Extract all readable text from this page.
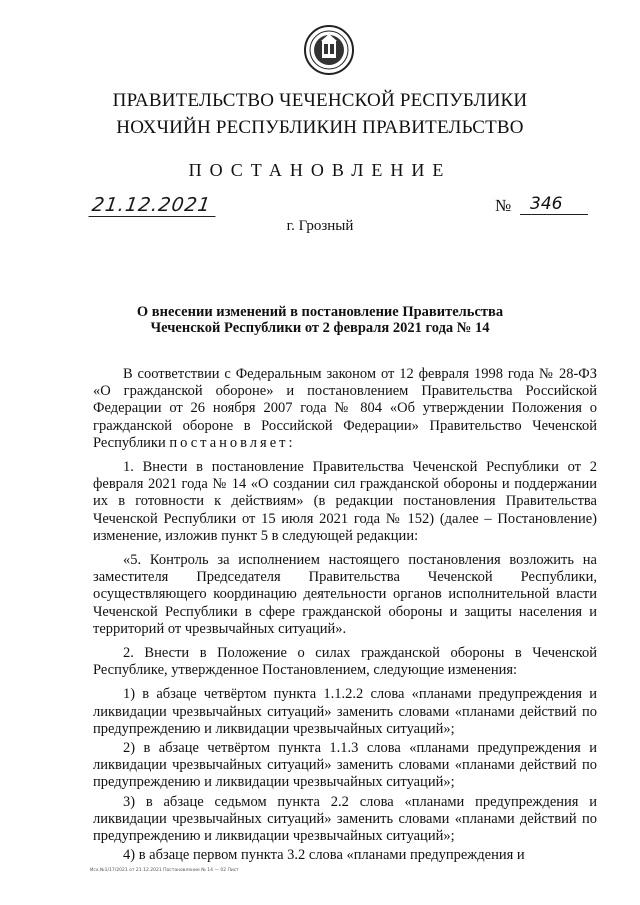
ПРАВИТЕЛЬСТВО ЧЕЧЕНСКОЙ РЕСПУБЛИКИ
НОХЧИЙН РЕСПУБЛИКИН ПРАВИТЕЛЬСТВО
ПОСТАНОВЛЕНИЕ
21.12.2021	№	346
г. Грозный
О внесении изменений в постановление Правительства
Чеченской Республики от 2 февраля 2021 года № 14

В соответствии с Федеральным законом от 12 февраля 1998 года № 28-ФЗ «О гражданской обороне» и постановлением Правительства Российской Федерации от 26 ноября 2007 года № 804 «Об утверждении Положения о гражданской обороне в Российской Федерации» Правительство Чеченской Республики постановляет:

1. Внести в постановление Правительства Чеченской Республики от 2 февраля 2021 года № 14 «О создании сил гражданской обороны и поддержании их в готовности к действиям» (в редакции постановления Правительства Чеченской Республики от 15 июля 2021 года № 152) (далее – Постановление) изменение, изложив пункт 5 в следующей редакции:

«5. Контроль за исполнением настоящего постановления возложить на заместителя Председателя Правительства Чеченской Республики, осуществляющего координацию деятельности органов исполнительной власти Чеченской Республики в сфере гражданской обороны и защиты населения и территорий от чрезвычайных ситуаций».

2. Внести в Положение о силах гражданской обороны в Чеченской Республике, утвержденное Постановлением, следующие изменения:

1) в абзаце четвёртом пункта 1.1.2.2 слова «планами предупреждения и ликвидации чрезвычайных ситуаций» заменить словами «планами действий по предупреждению и ликвидации чрезвычайных ситуаций»;

2) в абзаце четвёртом пункта 1.1.3 слова «планами предупреждения и ликвидации чрезвычайных ситуаций» заменить словами «планами действий по предупреждению и ликвидации чрезвычайных ситуаций»;

3) в абзаце седьмом пункта 2.2 слова «планами предупреждения и ликвидации чрезвычайных ситуаций» заменить словами «планами действий по предупреждению и ликвидации чрезвычайных ситуаций»;

4) в абзаце первом пункта 3.2 слова «планами предупреждения и

Исх.№1/17/2021 от 21.12.2021 Постановление № 14 — 02 Лист
